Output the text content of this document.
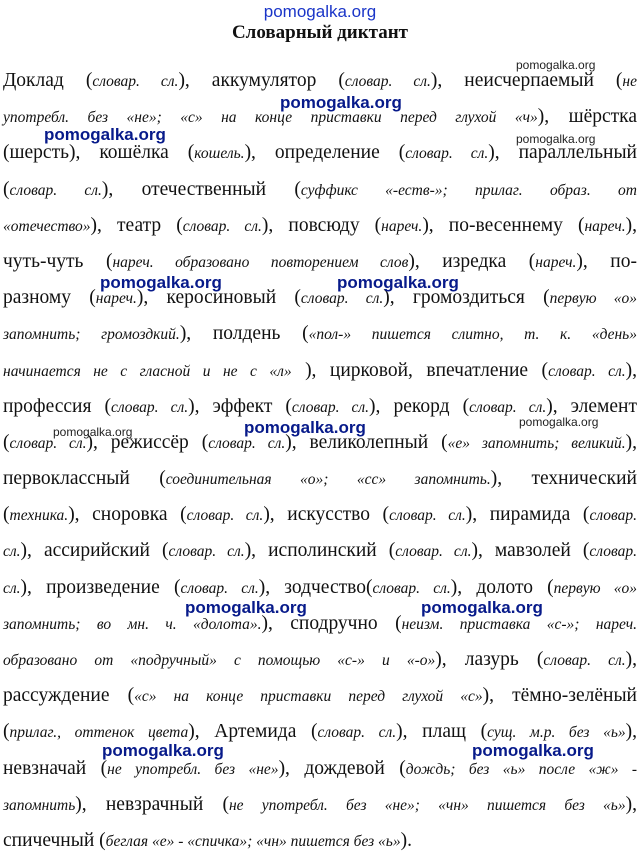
pomogalka.org
Словарный диктант
Доклад (словар. сл.), аккумулятор (словар. сл.), неисчерпаемый (не
употребл. без «не»; «с» на конце приставки перед глухой «ч»), шёрстка
(шерсть), кошёлка (кошель.), определение (словар. сл.), параллельный
(словар. сл.), отечественный (суффикс «-еств-»; прилаг. образ. от
«отечество»), театр (словар. сл.), повсюду (нареч.), по-весеннему (нареч.),
чуть-чуть (нареч. образовано повторением слов), изредка (нареч.), по-
разному (нареч.), керосиновый (словар. сл.), громоздиться (первую «о»
запомнить; громоздкий.), полдень («пол-» пишется слитно, т. к. «день»
начинается не с гласной и не с «л» ), цирковой, впечатление (словар. сл.),
профессия (словар. сл.), эффект (словар. сл.), рекорд (словар. сл.), элемент
(словар. сл.), режиссёр (словар. сл.), великолепный («е» запомнить; великий.),
первоклассный (соединительная «о»; «сс» запомнить.), технический
(техника.), сноровка (словар. сл.), искусство (словар. сл.), пирамида (словар.
сл.), ассирийский (словар. сл.), исполинский (словар. сл.), мавзолей (словар.
сл.), произведение (словар. сл.), зодчество(словар. сл.), долото (первую «о»
запомнить; во мн. ч. «долота».), сподручно (неизм. приставка «с-»; нареч.
образовано от «подручный» с помощью «с-» и «-о»), лазурь (словар. сл.),
рассуждение («с» на конце приставки перед глухой «с»), тёмно-зелёный
(прилаг., оттенок цвета), Артемида (словар. сл.), плащ (сущ. м.р. без «ь»),
невзначай (не употребл. без «не»), дождевой (дождь; без «ь» после «ж» -
запомнить), невзрачный (не употребл. без «не»; «чн» пишется без «ь»),
спичечный (беглая «е» - «спичка»; «чн» пишется без «ь»).
pomogalka.org
pomogalka.org
pomogalka.org	pomogalka.org
pomogalka.org	pomogalka.org
pomogalka.org	pomogalka.org	pomogalka.org
pomogalka.org	pomogalka.org
pomogalka.org	pomogalka.org
